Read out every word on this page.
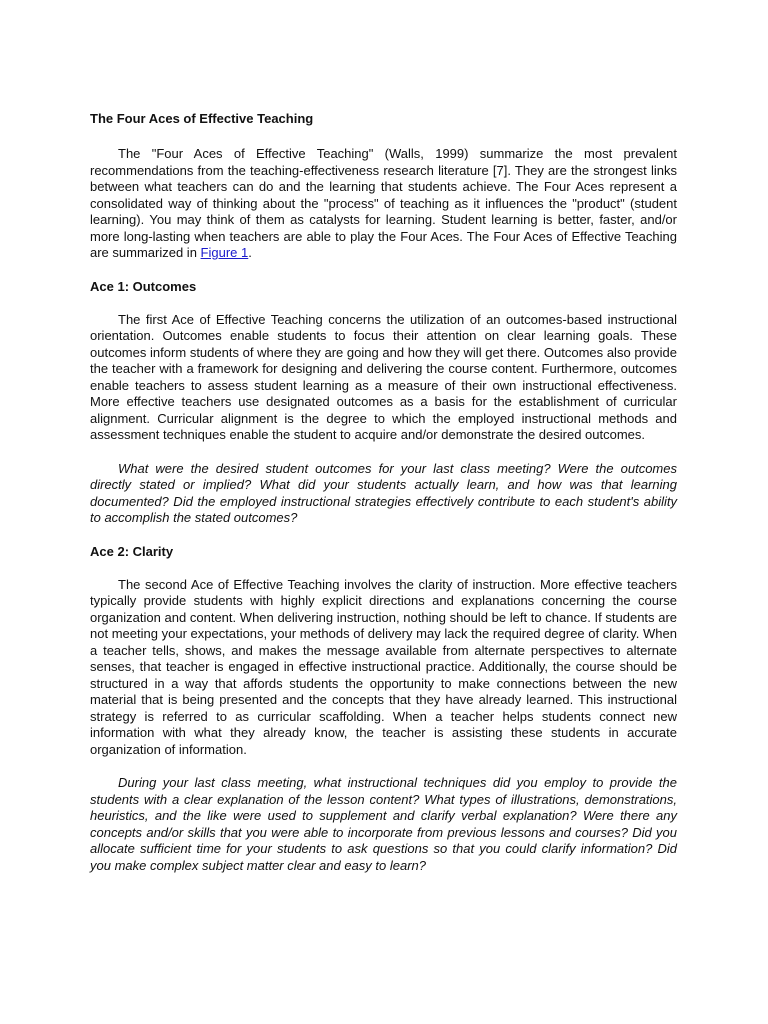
The Four Aces of Effective Teaching

The "Four Aces of Effective Teaching" (Walls, 1999) summarize the most prevalent recommendations from the teaching-effectiveness research literature [7]. They are the strongest links between what teachers can do and the learning that students achieve. The Four Aces represent a consolidated way of thinking about the "process" of teaching as it influences the "product" (student learning). You may think of them as catalysts for learning. Student learning is better, faster, and/or more long-lasting when teachers are able to play the Four Aces. The Four Aces of Effective Teaching are summarized in Figure 1.

Ace 1: Outcomes

The first Ace of Effective Teaching concerns the utilization of an outcomes-based instructional orientation. Outcomes enable students to focus their attention on clear learning goals. These outcomes inform students of where they are going and how they will get there. Outcomes also provide the teacher with a framework for designing and delivering the course content. Furthermore, outcomes enable teachers to assess student learning as a measure of their own instructional effectiveness. More effective teachers use designated outcomes as a basis for the establishment of curricular alignment. Curricular alignment is the degree to which the employed instructional methods and assessment techniques enable the student to acquire and/or demonstrate the desired outcomes.

What were the desired student outcomes for your last class meeting? Were the outcomes directly stated or implied? What did your students actually learn, and how was that learning documented? Did the employed instructional strategies effectively contribute to each student's ability to accomplish the stated outcomes?

Ace 2: Clarity

The second Ace of Effective Teaching involves the clarity of instruction. More effective teachers typically provide students with highly explicit directions and explanations concerning the course organization and content. When delivering instruction, nothing should be left to chance. If students are not meeting your expectations, your methods of delivery may lack the required degree of clarity. When a teacher tells, shows, and makes the message available from alternate perspectives to alternate senses, that teacher is engaged in effective instructional practice. Additionally, the course should be structured in a way that affords students the opportunity to make connections between the new material that is being presented and the concepts that they have already learned. This instructional strategy is referred to as curricular scaffolding. When a teacher helps students connect new information with what they already know, the teacher is assisting these students in accurate organization of information.

During your last class meeting, what instructional techniques did you employ to provide the students with a clear explanation of the lesson content? What types of illustrations, demonstrations, heuristics, and the like were used to supplement and clarify verbal explanation? Were there any concepts and/or skills that you were able to incorporate from previous lessons and courses? Did you allocate sufficient time for your students to ask questions so that you could clarify information? Did you make complex subject matter clear and easy to learn?
